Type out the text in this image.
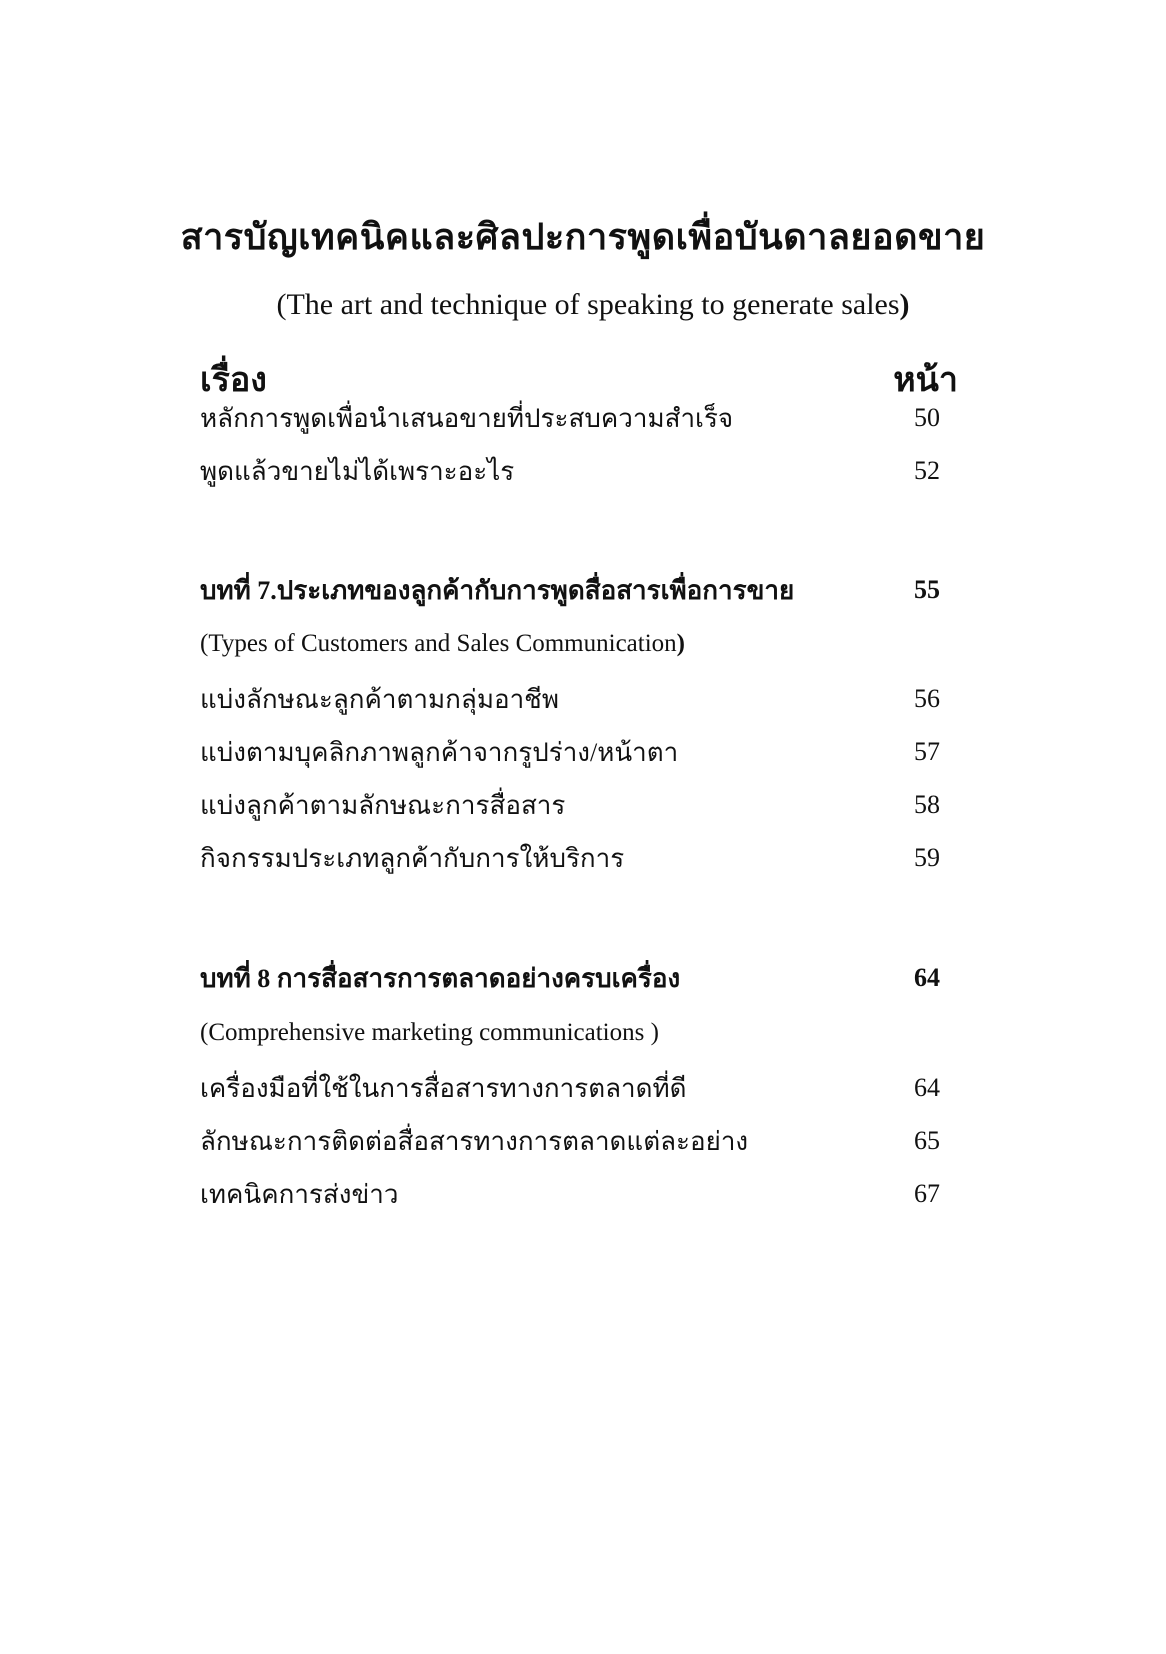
สารบัญเทคนิคและศิลปะการพูดเพื่อบันดาลยอดขาย
(The art and technique of speaking to generate sales)
เรื่อง	หน้า
หลักการพูดเพื่อนำเสนอขายที่ประสบความสำเร็จ	50
พูดแล้วขายไม่ได้เพราะอะไร	52
บทที่ 7.ประเภทของลูกค้ากับการพูดสื่อสารเพื่อการขาย	55
(Types of Customers and Sales Communication)
แบ่งลักษณะลูกค้าตามกลุ่มอาชีพ	56
แบ่งตามบุคลิกภาพลูกค้าจากรูปร่าง/หน้าตา	57
แบ่งลูกค้าตามลักษณะการสื่อสาร	58
กิจกรรมประเภทลูกค้ากับการให้บริการ	59
บทที่ 8 การสื่อสารการตลาดอย่างครบเครื่อง	64
(Comprehensive marketing communications )
เครื่องมือที่ใช้ในการสื่อสารทางการตลาดที่ดี	64
ลักษณะการติดต่อสื่อสารทางการตลาดแต่ละอย่าง	65
เทคนิคการส่งข่าว	67
